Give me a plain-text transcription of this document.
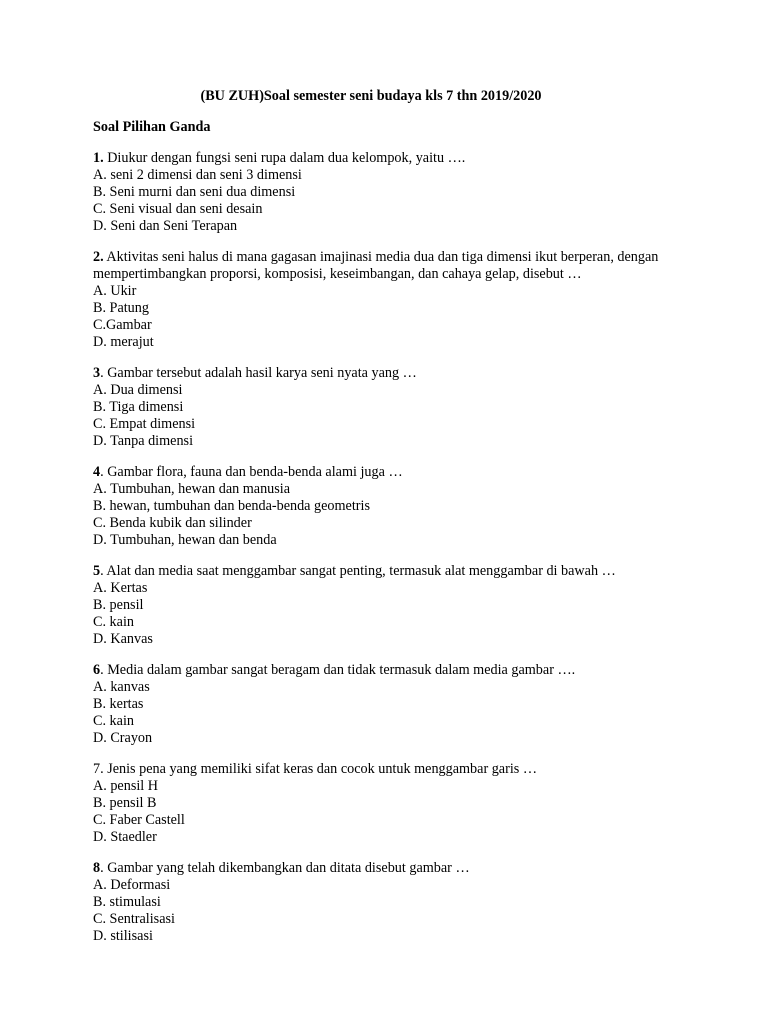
(BU ZUH)Soal semester seni budaya kls 7 thn 2019/2020

Soal Pilihan Ganda

1. Diukur dengan fungsi seni rupa dalam dua kelompok, yaitu ….

A. seni 2 dimensi dan seni 3 dimensi
B. Seni murni dan seni dua dimensi
C. Seni visual dan seni desain
D. Seni dan Seni Terapan

2. Aktivitas seni halus di mana gagasan imajinasi media dua dan tiga dimensi ikut berperan, dengan mempertimbangkan proporsi, komposisi, keseimbangan, dan cahaya gelap, disebut …

A. Ukir
B. Patung
C.Gambar
D. merajut

3. Gambar tersebut adalah hasil karya seni nyata yang …

A. Dua dimensi
B. Tiga dimensi
C. Empat dimensi
D. Tanpa dimensi

4. Gambar flora, fauna dan benda-benda alami juga …

A. Tumbuhan, hewan dan manusia
B. hewan, tumbuhan dan benda-benda geometris
C. Benda kubik dan silinder
D. Tumbuhan, hewan dan benda

5. Alat dan media saat menggambar sangat penting, termasuk alat menggambar di bawah …

A. Kertas
B. pensil
C. kain
D. Kanvas

6. Media dalam gambar sangat beragam dan tidak termasuk dalam media gambar ….

A. kanvas
B. kertas
C. kain
D. Crayon

7. Jenis pena yang memiliki sifat keras dan cocok untuk menggambar garis …

A. pensil H
B. pensil B
C. Faber Castell
D. Staedler

8. Gambar yang telah dikembangkan dan ditata disebut gambar …

A. Deformasi
B. stimulasi
C. Sentralisasi
D. stilisasi
